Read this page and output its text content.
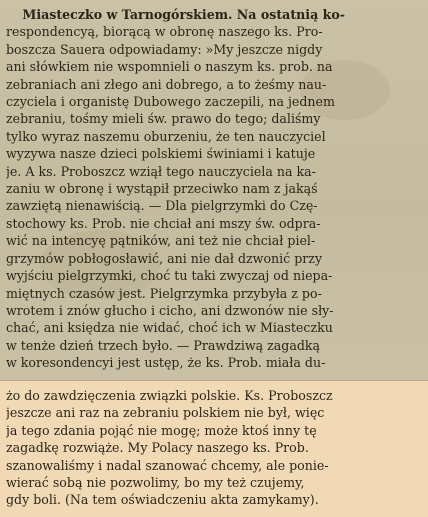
Miasteczko w Tarnogórskiem. Na ostatnią ko-
respondencyą, biorącą w obronę naszego ks. Pro-
boszcza Sauera odpowiadamy: »My jeszcze nigdy
ani słówkiem nie wspomnieli o naszym ks. prob. na
zebraniach ani złego ani dobrego, a to żeśmy nau-
czyciela i organistę Dubowego zaczepili, na jednem
zebraniu, tośmy mieli św. prawo do tego; daliśmy
tylko wyraz naszemu oburzeniu, że ten nauczyciel
wyzywa nasze dzieci polskiemi świniami i katuje
je. A ks. Proboszcz wziął tego nauczyciela na ka-
zaniu w obronę i wystąpił przeciwko nam z jakąś
zawziętą nienawiścią. — Dla pielgrzymki do Czę-
stochowy ks. Prob. nie chciał ani mszy św. odpra-
wić na intencyę pątników, ani też nie chciał piel-
grzymów pobłogosławić, ani nie dał dzwonić przy
wyjściu pielgrzymki, choć tu taki zwyczaj od niepa-
miętnych czasów jest. Pielgrzymka przybyła z po-
wrotem i znów głucho i cicho, ani dzwonów nie sły-
chać, ani księdza nie widać, choć ich w Miasteczku
w tenże dzień trzech było. — Prawdziwą zagadką
w koresondencyi jest ustęp, że ks. Prob. miała du-
żo do zawdzięczenia związki polskie. Ks. Proboszcz
jeszcze ani raz na zebraniu polskiem nie był, więc
ja tego zdania pojąć nie mogę; może ktoś inny tę
zagadkę rozwiąże. My Polacy naszego ks. Prob.
szanowaliśmy i nadal szanować chcemy, ale ponie-
wierać sobą nie pozwolimy, bo my też czujemy,
gdy boli. (Na tem oświadczeniu akta zamykamy).
